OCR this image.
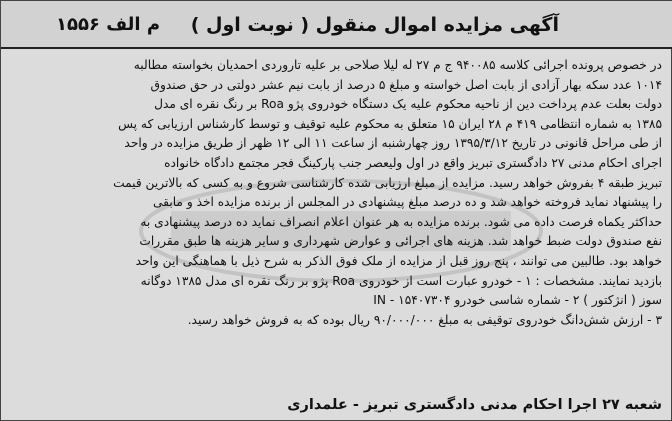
آگهی مزایده اموال منقول ( نوبت اول )
م الف ۱۵۵۶
در خصوص پرونده اجرائی کلاسه ۹۴۰۰۸۵ ج م ۲۷ له لیلا صلاحی بر علیه تاروردی احمدیان بخواسته مطالبه
۱۰۱۴ عدد سکه بهار آزادی از بابت اصل خواسته و مبلغ ۵ درصد از بابت نیم عشر دولتی در حق صندوق
دولت بعلت عدم پرداخت دین از ناحیه محکوم علیه یک دستگاه خودروی پژو Roa بر رنگ نقره ای مدل
۱۳۸۵ به شماره انتظامی ۴۱۹ م ۲۸ ایران ۱۵ متعلق به محکوم علیه توقیف و توسط کارشناس ارزیابی که پس
از طی مراحل قانونی در تاریخ ۱۳۹۵/۳/۱۲ روز چهارشنبه از ساعت ۱۱ الی ۱۲ ظهر از طریق مزایده در واحد
اجرای احکام مدنی ۲۷ دادگستری تبریز واقع در اول ولیعصر جنب پارکینگ فجر مجتمع دادگاه خانواده
تبریز طبقه ۴ بفروش خواهد رسید. مزایده از مبلغ ارزیابی شده کارشناسی شروع و به کسی که بالاترین قیمت
را پیشنهاد نماید فروخته خواهد شد و ده درصد مبلغ پیشنهادی در المجلس از برنده مزایده اخذ و مابقی
حداکثر یکماه فرصت داده می شود. برنده مزایده به هر عنوان اعلام انصراف نماید ده درصد پیشنهادی به
نفع صندوق دولت ضبط خواهد شد. هزینه های اجرائی و عوارض شهرداری و سایر هزینه ها طبق مقررات
خواهد بود. طالبین می توانند ، پنج روز قبل از مزایده از ملک فوق الذکر به شرح ذیل با هماهنگی این واحد
بازدید نمایند. مشخصات : ۱ - خودرو عبارت است از خودروی Roa پژو بر رنگ نقره ای مدل ۱۳۸۵ دوگانه
سوز ( انژکتور ) ۲ - شماره شاسی خودرو ۱۵۴۰۷۳۰۴ - IN
۳ - ارزش شش‌دانگ خودروی توقیفی به مبلغ ۹۰/۰۰۰/۰۰۰ ریال بوده که به فروش خواهد رسید.
شعبه ۲۷ اجرا احکام مدنی دادگستری تبریز - علمداری
